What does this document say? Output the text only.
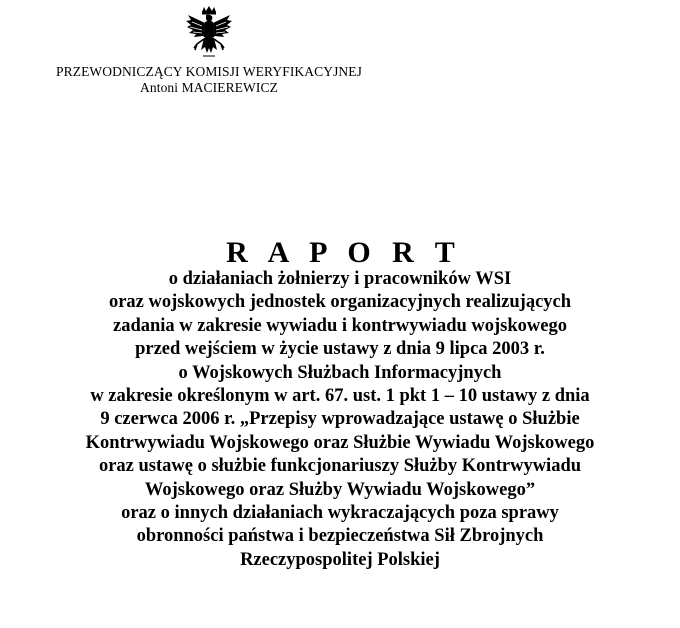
PRZEWODNICZĄCY KOMISJI WERYFIKACYJNEJ
Antoni MACIEREWICZ
R A P O R T
o działaniach żołnierzy i pracowników WSI
oraz wojskowych jednostek organizacyjnych realizujących
zadania w zakresie wywiadu i kontrwywiadu wojskowego
przed wejściem w życie ustawy z dnia 9 lipca 2003 r.
o Wojskowych Służbach Informacyjnych
w zakresie określonym w art. 67. ust. 1 pkt 1 – 10 ustawy z dnia
9 czerwca 2006 r. „Przepisy wprowadzające ustawę o Służbie
Kontrwywiadu Wojskowego oraz Służbie Wywiadu Wojskowego
oraz ustawę o służbie funkcjonariuszy Służby Kontrwywiadu
Wojskowego oraz Służby Wywiadu Wojskowego”
oraz o innych działaniach wykraczających poza sprawy
obronności państwa i bezpieczeństwa Sił Zbrojnych
Rzeczypospolitej Polskiej
